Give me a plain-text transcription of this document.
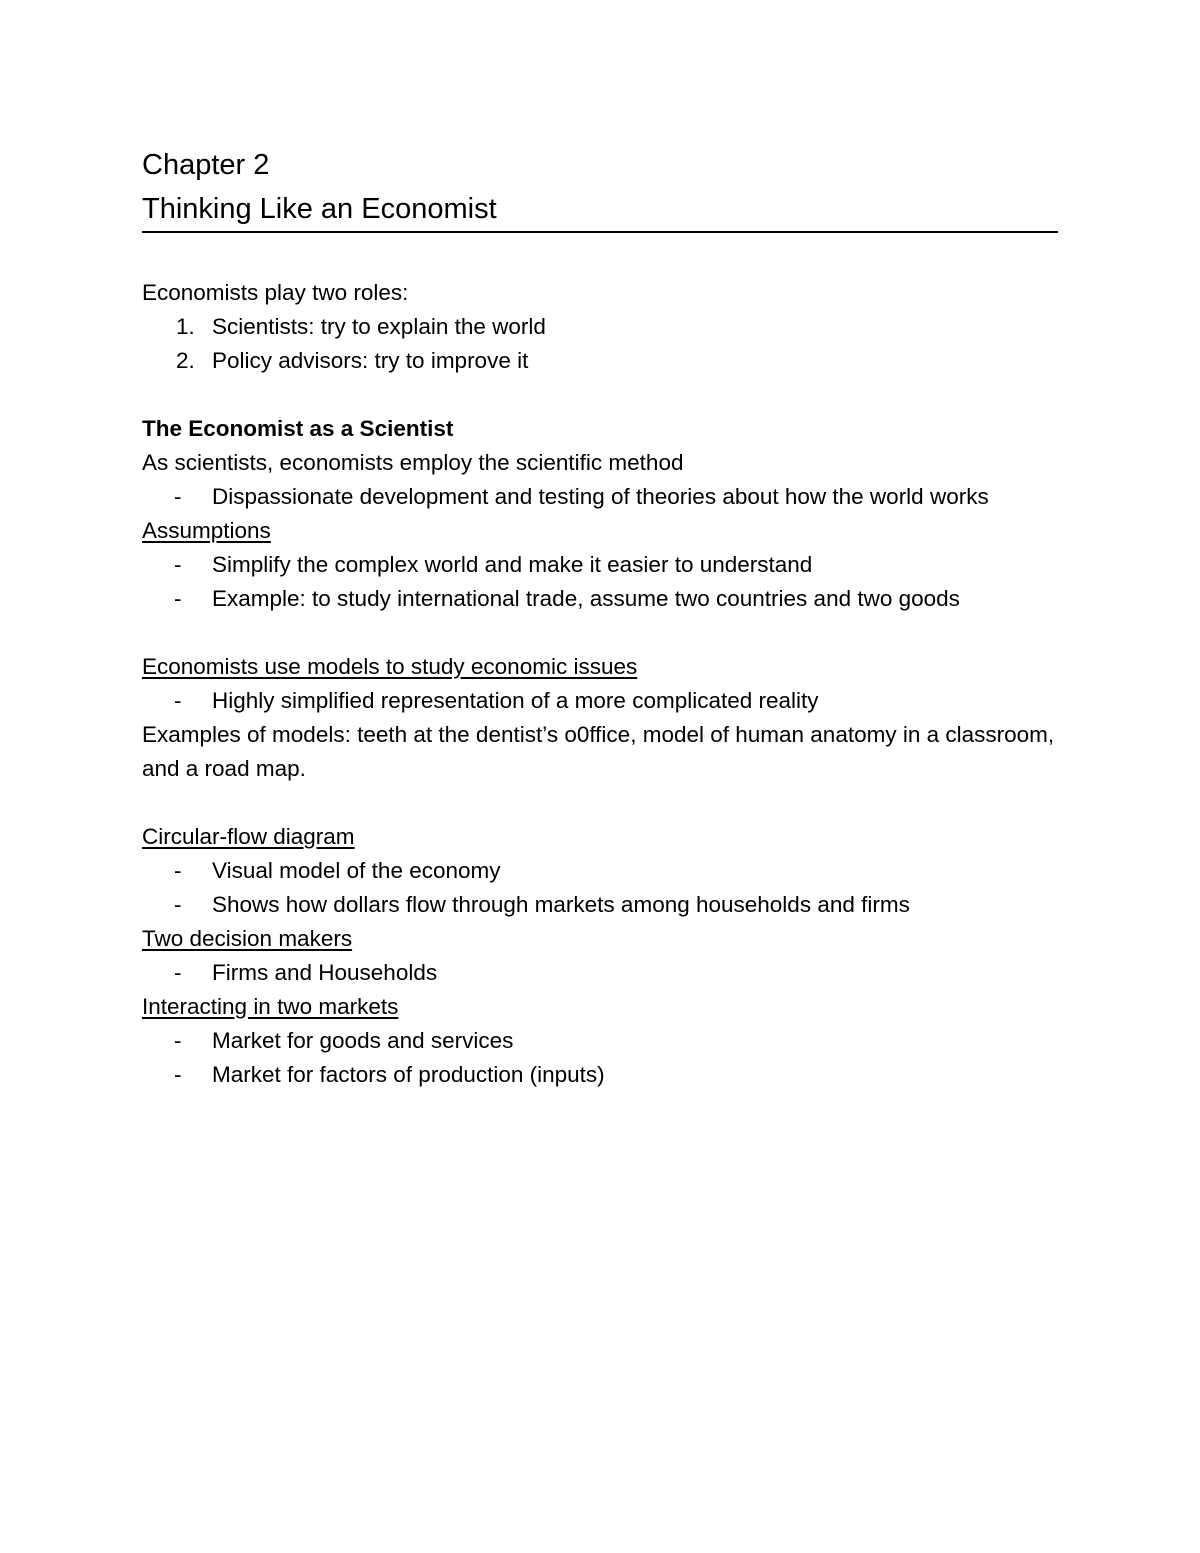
Chapter 2
Thinking Like an Economist
Economists play two roles:
1. Scientists: try to explain the world
2. Policy advisors: try to improve it
The Economist as a Scientist
As scientists, economists employ the scientific method
- Dispassionate development and testing of theories about how the world works
Assumptions
- Simplify the complex world and make it easier to understand
- Example: to study international trade, assume two countries and two goods
Economists use models to study economic issues
- Highly simplified representation of a more complicated reality
Examples of models: teeth at the dentist’s o0ffice, model of human anatomy in a classroom, and a road map.
Circular-flow diagram
- Visual model of the economy
- Shows how dollars flow through markets among households and firms
Two decision makers
- Firms and Households
Interacting in two markets
- Market for goods and services
- Market for factors of production (inputs)
